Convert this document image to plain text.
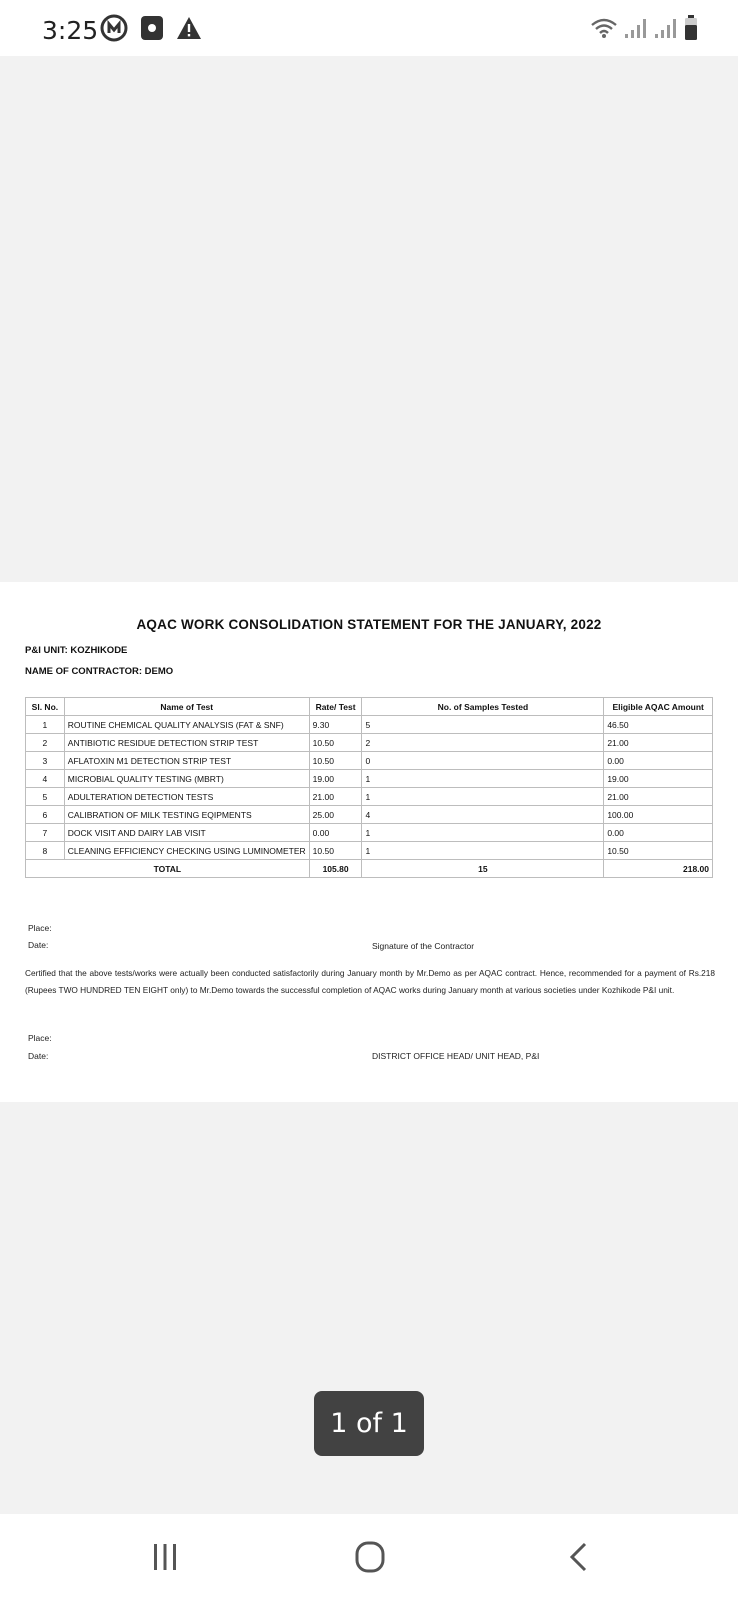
3:25
AQAC WORK CONSOLIDATION STATEMENT FOR THE JANUARY, 2022
P&I UNIT: KOZHIKODE
NAME OF CONTRACTOR: DEMO
Sl. No.	Name of Test	Rate/ Test	No. of Samples Tested	Eligible AQAC Amount
1	ROUTINE CHEMICAL QUALITY ANALYSIS (FAT & SNF)	9.30	5	46.50
2	ANTIBIOTIC RESIDUE DETECTION STRIP TEST	10.50	2	21.00
3	AFLATOXIN M1 DETECTION STRIP TEST	10.50	0	0.00
4	MICROBIAL QUALITY TESTING (MBRT)	19.00	1	19.00
5	ADULTERATION DETECTION TESTS	21.00	1	21.00
6	CALIBRATION OF MILK TESTING EQIPMENTS	25.00	4	100.00
7	DOCK VISIT AND DAIRY LAB VISIT	0.00	1	0.00
8	CLEANING EFFICIENCY CHECKING USING LUMINOMETER	10.50	1	10.50
TOTAL		105.80	15	218.00
Place:
Date:	Signature of the Contractor
Certified that the above tests/works were actually been conducted satisfactorily during January month by Mr.Demo as per AQAC contract. Hence, recommended for a payment of Rs.218 (Rupees TWO HUNDRED TEN EIGHT only) to Mr.Demo towards the successful completion of AQAC works during January month at various societies under Kozhikode P&I unit.
Place:
Date:	DISTRICT OFFICE HEAD/ UNIT HEAD, P&I
1 of 1
